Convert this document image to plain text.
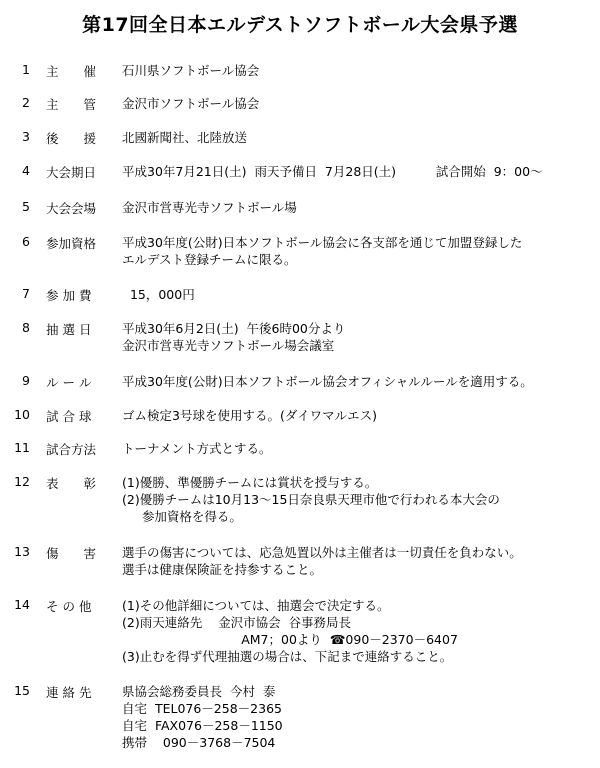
第17回全日本エルデストソフトボール大会県予選
1 主　　催	石川県ソフトボール協会
2 主　　管	金沢市ソフトボール協会
3 後　　援	北國新聞社、北陸放送
4 大会期日	平成30年7月21日(土)  雨天予備日  7月28日(土)          試合開始  9：00～
5 大会会場	金沢市営専光寺ソフトボール場
6 参加資格	平成30年度(公財)日本ソフトボール協会に各支部を通じて加盟登録した
エルデスト登録チームに限る。
7 参 加 費	15，000円
8 抽 選 日	平成30年6月2日(土)  午後6時00分より
金沢市営専光寺ソフトボール場会議室
9 ル ー ル	平成30年度(公財)日本ソフトボール協会オフィシャルルールを適用する。
10 試 合 球	ゴム検定3号球を使用する。(ダイワマルエス)
11 試合方法	トーナメント方式とする。
12 表　　彰	(1)優勝、準優勝チームには賞状を授与する。
(2)優勝チームは10月13～15日奈良県天理市他で行われる本大会の
参加資格を得る。
13 傷　　害	選手の傷害については、応急処置以外は主催者は一切責任を負わない。
選手は健康保険証を持参すること。
14 そ の 他	(1)その他詳細については、抽選会で決定する。
(2)雨天連絡先    金沢市協会  谷事務局長
AM7；00より  ☎090－2370－6407
(3)止むを得ず代理抽選の場合は、下記まで連絡すること。
15 連 絡 先	県協会総務委員長  今村  泰
自宅  TEL076－258－2365
自宅  FAX076－258－1150
携帯    090－3768－7504
